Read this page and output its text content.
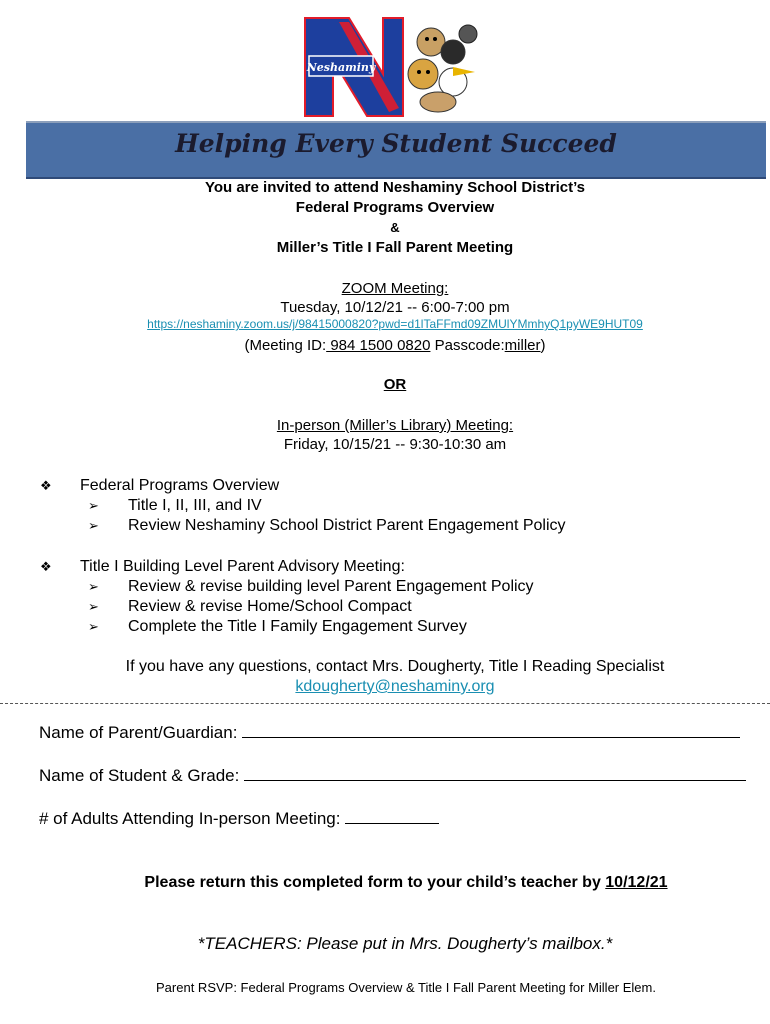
Neshaminy
Helping Every Student Succeed
You are invited to attend Neshaminy School District’s
Federal Programs Overview
&
Miller’s Title I Fall Parent Meeting
ZOOM Meeting:
Tuesday, 10/12/21 -- 6:00-7:00 pm
https://neshaminy.zoom.us/j/98415000820?pwd=d1lTaFFmd09ZMUlYMmhyQ1pyWE9HUT09
(Meeting ID: 984 1500 0820 Passcode:miller)
OR
In-person (Miller’s Library) Meeting:
Friday, 10/15/21 -- 9:30-10:30 am
❖ Federal Programs Overview
➢ Title I, II, III, and IV
➢ Review Neshaminy School District Parent Engagement Policy
❖ Title I Building Level Parent Advisory Meeting:
➢ Review & revise building level Parent Engagement Policy
➢ Review & revise Home/School Compact
➢ Complete the Title I Family Engagement Survey
If you have any questions, contact Mrs. Dougherty, Title I Reading Specialist
kdougherty@neshaminy.org
Name of Parent/Guardian:
Name of Student & Grade:
# of Adults Attending In-person Meeting:
Please return this completed form to your child’s teacher by 10/12/21
*TEACHERS: Please put in Mrs. Dougherty’s mailbox.*
Parent RSVP: Federal Programs Overview & Title I Fall Parent Meeting for Miller Elem.
